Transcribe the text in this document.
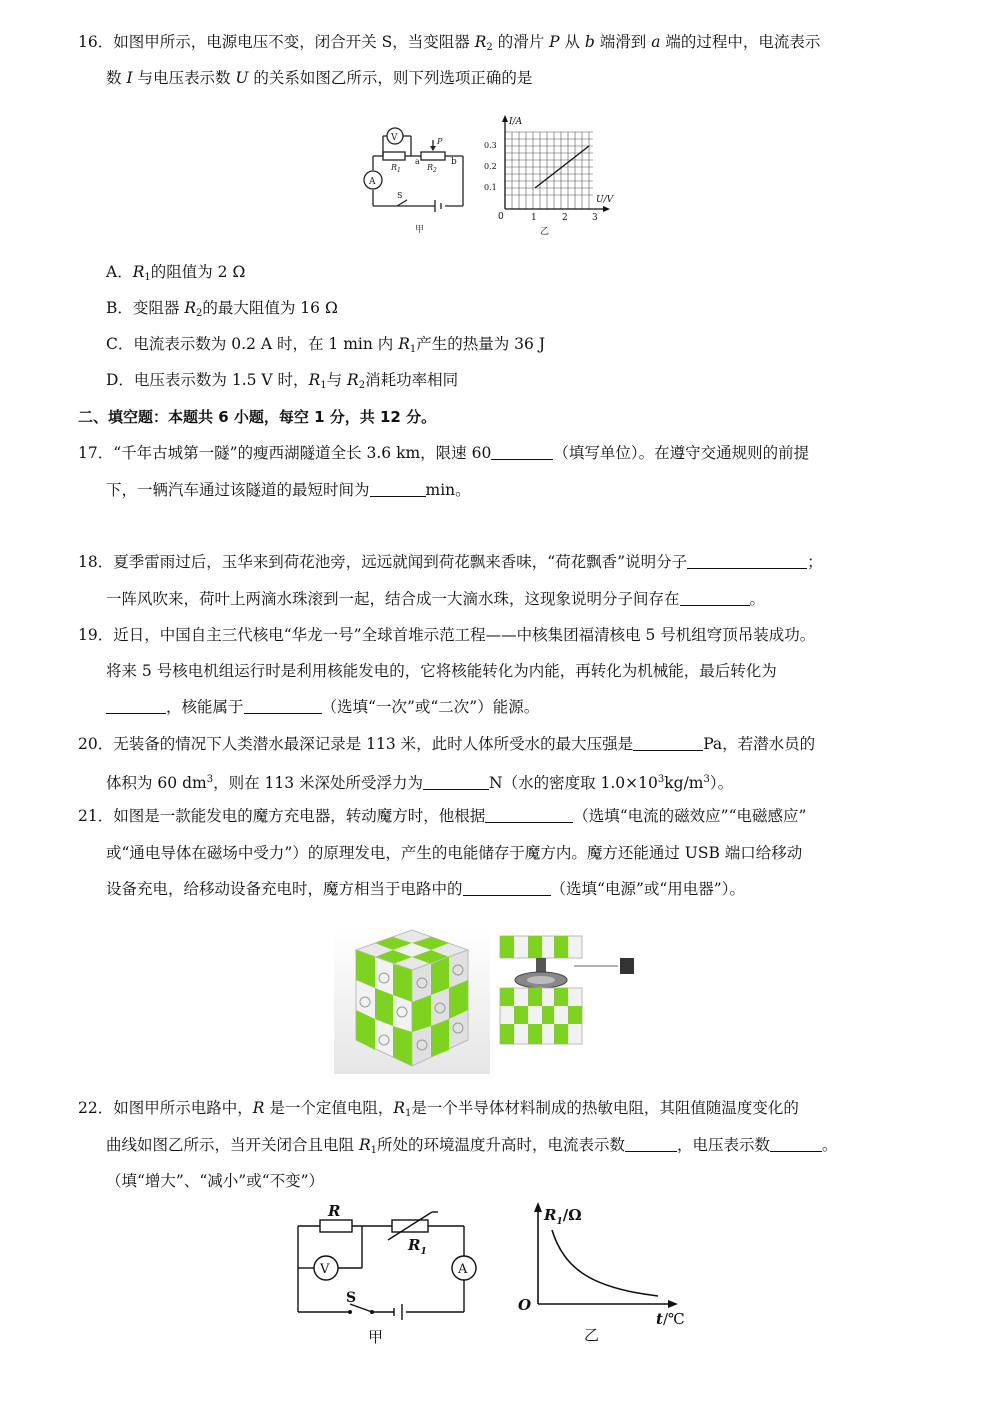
16．如图甲所示，电源电压不变，闭合开关 S，当变阻器 $R_2$ 的滑片 P 从 b 端滑到 a 端的过程中，电流表示
数 I 与电压表示数 U 的关系如图乙所示，则下列选项正确的是
V
A
$R_1$	$R_2$
P
a	b
S
甲
I/A
U/V
0
0.3
0.2
0.1
1	2	3
乙
A．$R_1$的阻值为 2 Ω
B．变阻器 $R_2$的最大阻值为 16 Ω
C．电流表示数为 0.2 A 时，在 1 min 内 $R_1$产生的热量为 36 J
D．电压表示数为 1.5 V 时，$R_1$与 $R_2$消耗功率相同
二、填空题：本题共 6 小题，每空 1 分，共 12 分。
17．“千年古城第一隧”的瘦西湖隧道全长 3.6 km，限速 60	（填写单位）。在遵守交通规则的前提
下，一辆汽车通过该隧道的最短时间为	min。
18．夏季雷雨过后，玉华来到荷花池旁，远远就闻到荷花飘来香味，“荷花飘香”说明分子	；
一阵风吹来，荷叶上两滴水珠滚到一起，结合成一大滴水珠，这现象说明分子间存在	。
19．近日，中国自主三代核电“华龙一号”全球首堆示范工程——中核集团福清核电 5 号机组穹顶吊装成功。
将来 5 号核电机组运行时是利用核能发电的，它将核能转化为内能，再转化为机械能，最后转化为
，核能属于	（选填“一次”或“二次”）能源。
20．无装备的情况下人类潜水最深记录是 113 米，此时人体所受水的最大压强是	Pa，若潜水员的
体积为 60 $dm^3$，则在 113 米深处所受浮力为	N（水的密度取 $1.0\times 10^3kg/m^3$）。
21．如图是一款能发电的魔方充电器，转动魔方时，他根据	（选填“电流的磁效应”“电磁感应”
或“通电导体在磁场中受力”）的原理发电，产生的电能储存于魔方内。魔方还能通过 USB 端口给移动
设备充电，给移动设备充电时，魔方相当于电路中的	（选填“电源”或“用电器”）。
22．如图甲所示电路中，R 是一个定值电阻，$R_1$是一个半导体材料制成的热敏电阻，其阻值随温度变化的
曲线如图乙所示，当开关闭合且电阻 $R_1$所处的环境温度升高时，电流表示数	，电压表示数	。
（填“增大”、“减小”或“不变”）
R
$R_1$
V	A
S
甲
$R_1/\Omega$
O
t/℃
乙
